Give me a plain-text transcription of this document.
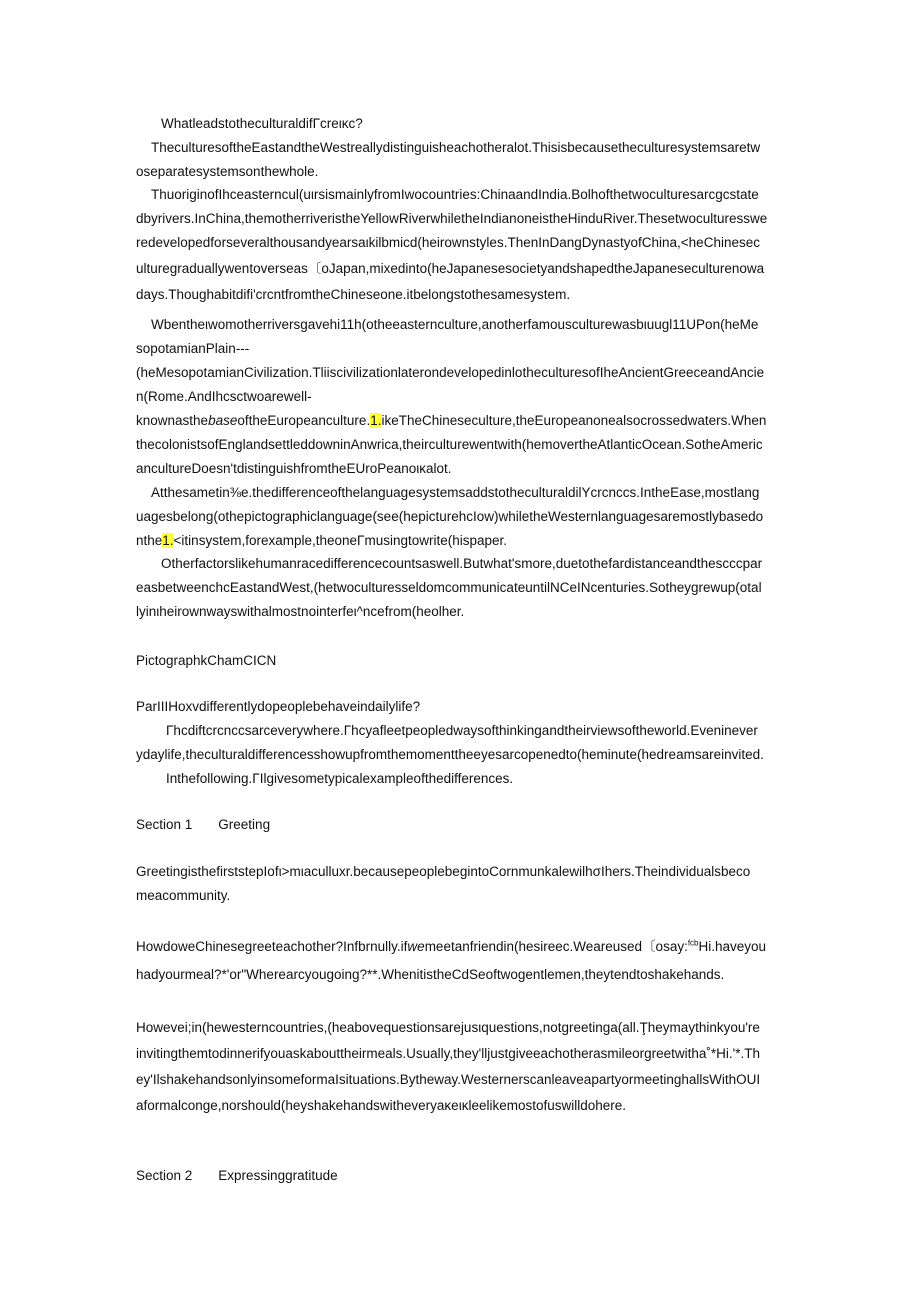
WhatleadstotheculturaldifΓcreικc?
TheculturesoftheEastandtheWestreallydistinguisheachotheralot.Thisisbecausetheculturesystemsaretw
oseparatesystemsonthewhole.
ThuoriginofIhceasterncul(uιrsismainlyfromIwocountries:ChinaandIndia.Bolhofthetwoculturesarcgcstate
dbyrivers.InChina,themotherriveristheYellowRiverwhiletheIndianoneistheHinduRiver.Thesetwoculturesswe
redevelopedforseveralthousandyearsaιkilbmicd(heirownstyles.ThenInDangDynastyofChina,<heChinesec
ulturegraduallywentoverseas〔oJapan,mixedinto(heJapanesesocietyandshapedtheJapaneseculturenowa
days.Thoughabitdifi'crcntfromtheChineseone.itbelongstothesamesystem.
Wbentheιwomotherriversgavehi11h(otheeasternculture,anotherfamousculturewasbιuugl11UPon(heMe
sopotamianPlain---
(heMesopotamianCivilization.TliiscivilizationlaterondevelopedinlotheculturesofIheAncientGreeceandAncie
n(Rome.AndIhcsctwoarewell-
knownasthebaseoftheEuropeanculture.1.ikeTheChineseculture,theEuropeanonealsocrossedwaters.When
thecolonistsofEnglandsettleddowninAnwrica,theirculturewentwith(hemovertheAtlanticOcean.SotheAmeric
ancultureDoesn'tdistinguishfromtheEUroPeanoικalot.
Atthesametin⅜e.thedifferenceofthelanguagesystemsaddstotheculturaldilYcrcnccs.IntheEase,mostlang
uagesbelong(othepictographiclanguage(see(hepicturehcIow)whiletheWesternlanguagesaremostlybasedo
nthe1.<itinsystem,forexample,theoneΓmusingtowrite(hispaper.
Otherfactorslikehumanracedifferencecountsaswell.Butwhat'smore,duetothefardistanceandthescccpar
easbetweenchcEastandWest,(hetwoculturesseldomcommunicateuntilNCeINcenturies.Sotheygrewup(otal
lyinιheirownwayswithalmostnointerfeι^ncefrom(heolher.
PictographkChamCICN
ParIIIHoxvdifferentlydopeoplebehaveindailylife?
Γhcdiftcrcnccsarceverywhere.Γhcyafleetpeopledwaysofthinkingandtheirviewsoftheworld.Eveninever
ydaylife,theculturaldifferencesshowupfromthemomenttheeyesarcopenedto(heminute(hedreamsareinvited.
Inthefollowing.ΓIlgivesometypicalexampleofthedifferences.
Section 1 Greeting
GreetingisthefirststepIofι>mιaculluxr.becausepeoplebegintoCornmunkalewilhσIhers.Theindividualsbeco
meacommunity.
HowdoweChinesegreeteachother?Infbrnully.ifwemeetanfriendin(hesireec.Weareused〔osay:$^{fcb}$Hi.haveyou
hadyourmeal?*'or"Wherearcyougoing?**.WhenitistheCdSeoftwogentlemen,theytendtoshakehands.
Howevei;in(hewesterncountries,(heabovequestionsarejusιquestions,notgreetinga(all.Ţheymaythinkyou're
invitingthemtodinnerifyouaskabouttheirmeals.Usually,they'lljustgiveeachotherasmileorgreetwitha˚*Hi.'*.Th
ey'IlshakehandsonlyinsomeformaIsituations.Bytheway.WesternerscanleaveapartyormeetinghallsWithOUI
aformalconge,norshould(heyshakehandswitheveryaκeικleelikemostofuswilldohere.
Section 2 Expressinggratitude
